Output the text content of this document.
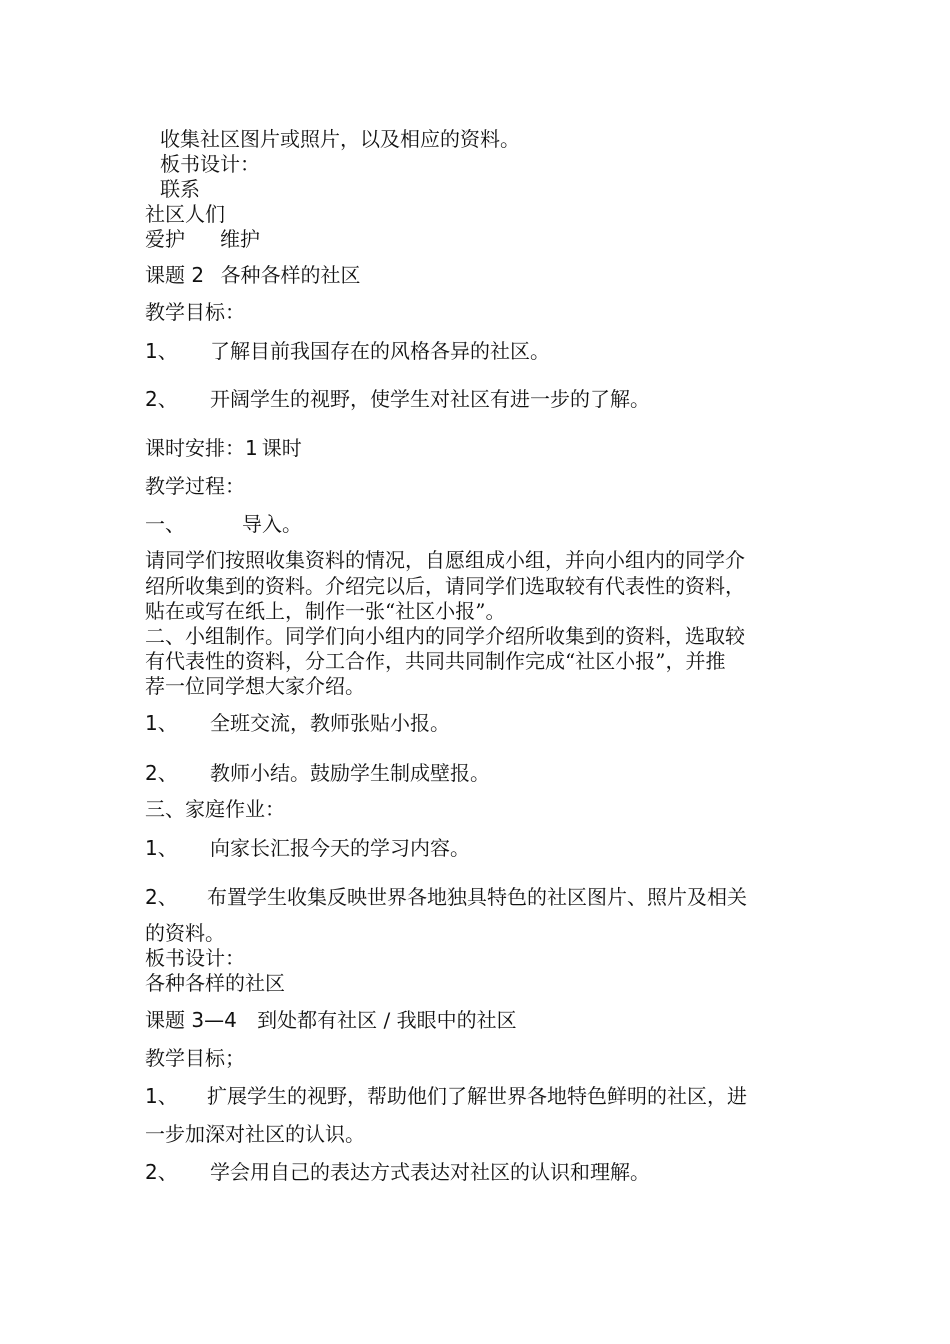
收集社区图片或照片，以及相应的资料。
板书设计：
联系
社区人们
爱护 维护
课题 2 各种各样的社区
教学目标：
1、 了解目前我国存在的风格各异的社区。
2、 开阔学生的视野，使学生对社区有进一步的了解。
课时安排：1 课时
教学过程：
一、	导入。
请同学们按照收集资料的情况，自愿组成小组，并向小组内的同学介
绍所收集到的资料。介绍完以后，请同学们选取较有代表性的资料，
贴在或写在纸上，制作一张“社区小报”。
二、小组制作。同学们向小组内的同学介绍所收集到的资料，选取较
有代表性的资料，分工合作，共同共同制作完成“社区小报”，并推
荐一位同学想大家介绍。
1、 全班交流，教师张贴小报。
2、 教师小结。鼓励学生制成壁报。
三、家庭作业：
1、 向家长汇报今天的学习内容。
2、 布置学生收集反映世界各地独具特色的社区图片、照片及相关
的资料。
板书设计：
各种各样的社区
课题 3—4 到处都有社区 / 我眼中的社区
教学目标；
1、 扩展学生的视野，帮助他们了解世界各地特色鲜明的社区，进
一步加深对社区的认识。
2、 学会用自己的表达方式表达对社区的认识和理解。
